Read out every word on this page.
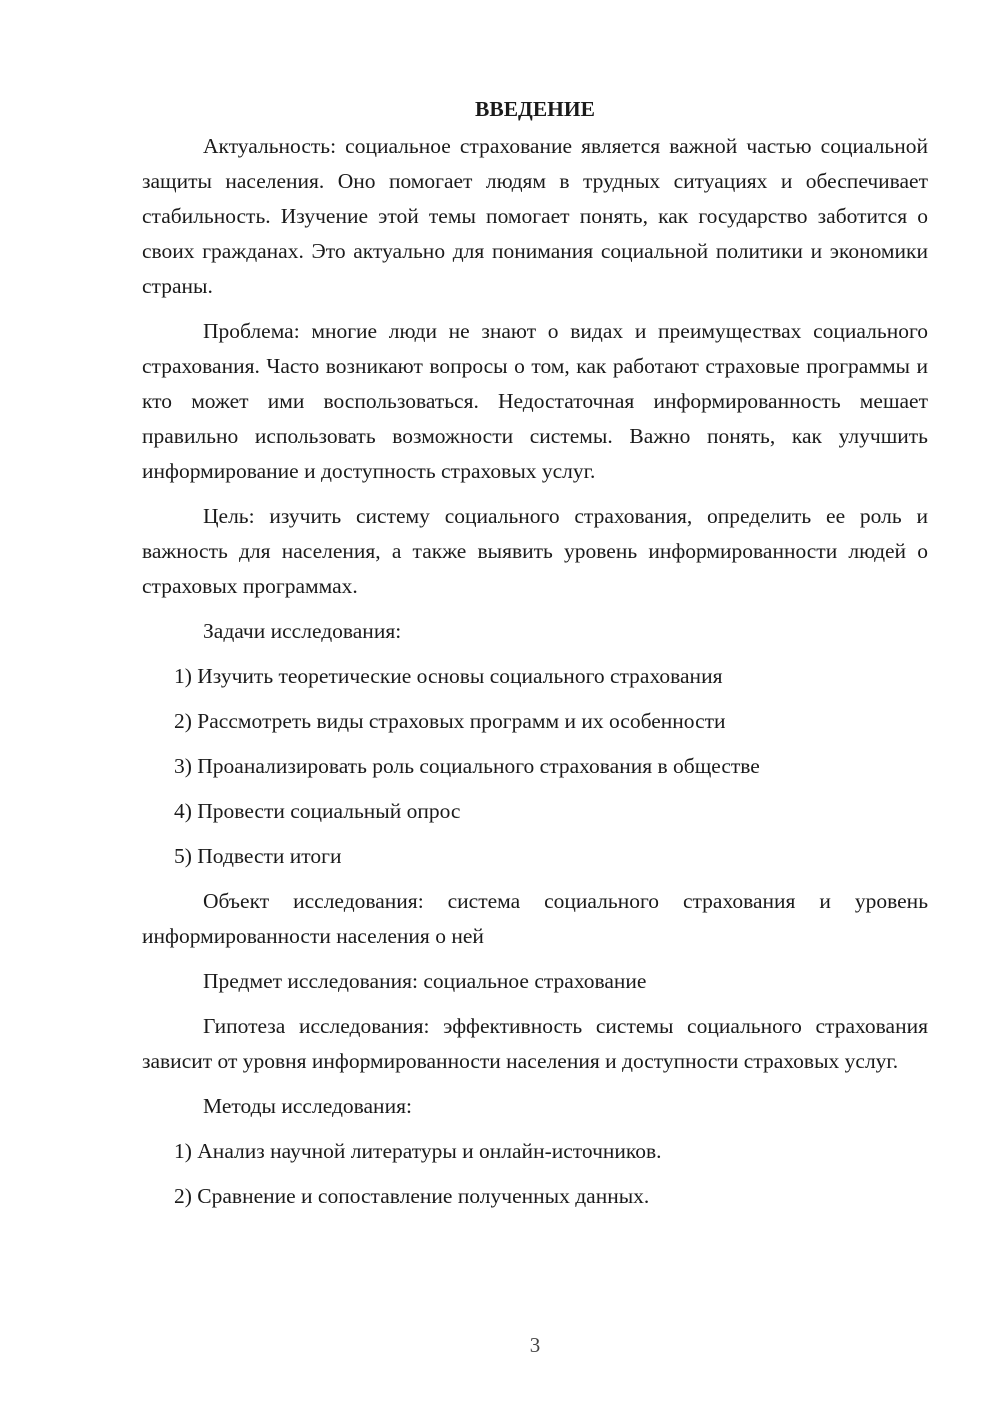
ВВЕДЕНИЕ

Актуальность: социальное страхование является важной частью социальной защиты населения. Оно помогает людям в трудных ситуациях и обеспечивает стабильность. Изучение этой темы помогает понять, как государство заботится о своих гражданах. Это актуально для понимания социальной политики и экономики страны.

Проблема: многие люди не знают о видах и преимуществах социального страхования. Часто возникают вопросы о том, как работают страховые программы и кто может ими воспользоваться. Недостаточная информированность мешает правильно использовать возможности системы. Важно понять, как улучшить информирование и доступность страховых услуг.

Цель: изучить систему социального страхования, определить ее роль и важность для населения, а также выявить уровень информированности людей о страховых программах.

Задачи исследования:

1) Изучить теоретические основы социального страхования
2) Рассмотреть виды страховых программ и их особенности
3) Проанализировать роль социального страхования в обществе
4) Провести социальный опрос
5) Подвести итоги

Объект исследования: система социального страхования и уровень информированности населения о ней

Предмет исследования: социальное страхование

Гипотеза исследования: эффективность системы социального страхования зависит от уровня информированности населения и доступности страховых услуг.

Методы исследования:

1) Анализ научной литературы и онлайн-источников.
2) Сравнение и сопоставление полученных данных.
3
